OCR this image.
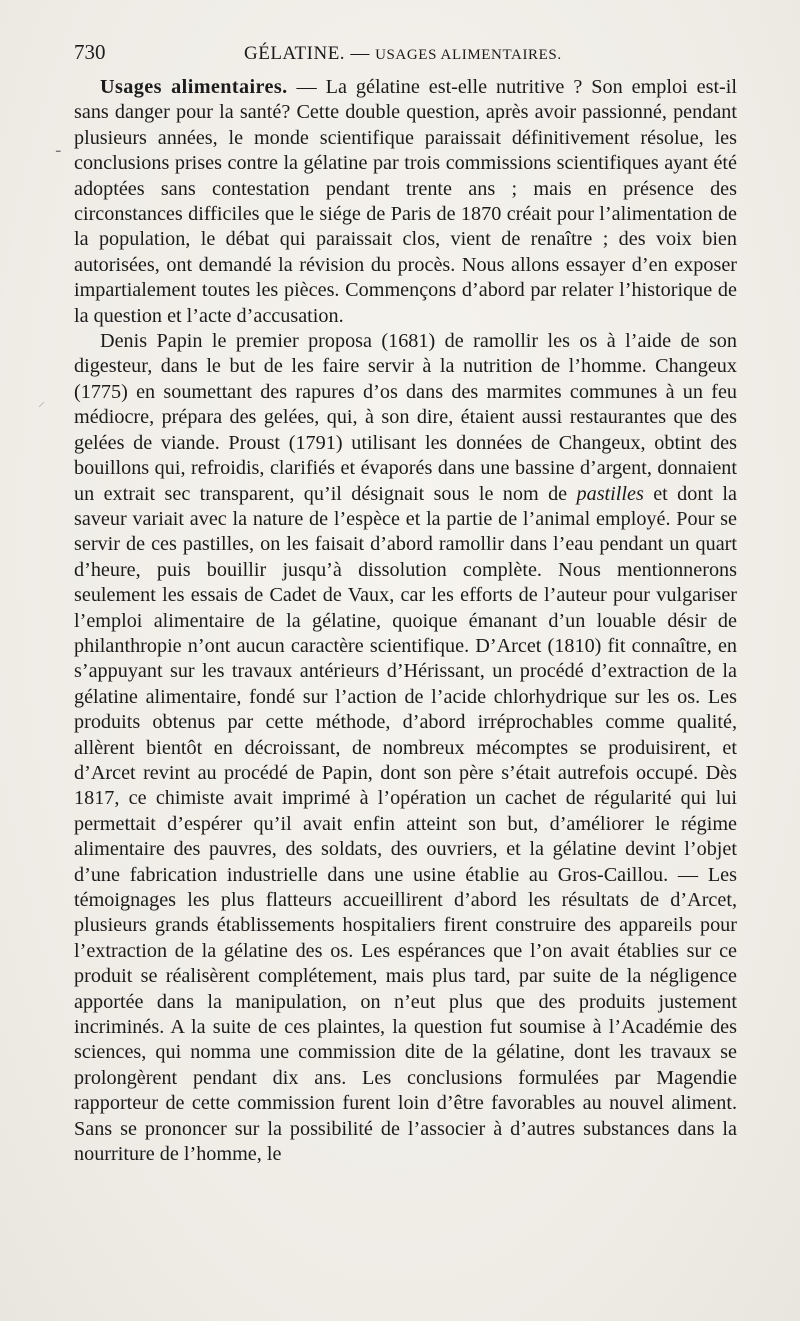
730	GÉLATINE. — USAGES ALIMENTAIRES.

Usages alimentaires. — La gélatine est-elle nutritive ? Son emploi est-il sans danger pour la santé? Cette double question, après avoir passionné, pendant plusieurs années, le monde scientifique paraissait définitivement résolue, les conclusions prises contre la gélatine par trois commissions scientifiques ayant été adoptées sans contestation pendant trente ans ; mais en présence des circonstances difficiles que le siége de Paris de 1870 créait pour l’alimentation de la population, le débat qui paraissait clos, vient de renaître ; des voix bien autorisées, ont demandé la révision du procès. Nous allons essayer d’en exposer impartialement toutes les pièces. Commençons d’abord par relater l’historique de la question et l’acte d’accusation.

Denis Papin le premier proposa (1681) de ramollir les os à l’aide de son digesteur, dans le but de les faire servir à la nutrition de l’homme. Changeux (1775) en soumettant des rapures d’os dans des marmites communes à un feu médiocre, prépara des gelées, qui, à son dire, étaient aussi restaurantes que des gelées de viande. Proust (1791) utilisant les données de Changeux, obtint des bouillons qui, refroidis, clarifiés et évaporés dans une bassine d’argent, donnaient un extrait sec transparent, qu’il désignait sous le nom de pastilles et dont la saveur variait avec la nature de l’espèce et la partie de l’animal employé. Pour se servir de ces pastilles, on les faisait d’abord ramollir dans l’eau pendant un quart d’heure, puis bouillir jusqu’à dissolution complète. Nous mentionnerons seulement les essais de Cadet de Vaux, car les efforts de l’auteur pour vulgariser l’emploi alimentaire de la gélatine, quoique émanant d’un louable désir de philanthropie n’ont aucun caractère scientifique. D’Arcet (1810) fit connaître, en s’appuyant sur les travaux antérieurs d’Hérissant, un procédé d’extraction de la gélatine alimentaire, fondé sur l’action de l’acide chlorhydrique sur les os. Les produits obtenus par cette méthode, d’abord irréprochables comme qualité, allèrent bientôt en décroissant, de nombreux mécomptes se produisirent, et d’Arcet revint au procédé de Papin, dont son père s’était autrefois occupé. Dès 1817, ce chimiste avait imprimé à l’opération un cachet de régularité qui lui permettait d’espérer qu’il avait enfin atteint son but, d’améliorer le régime alimentaire des pauvres, des soldats, des ouvriers, et la gélatine devint l’objet d’une fabrication industrielle dans une usine établie au Gros-Caillou. — Les témoignages les plus flatteurs accueillirent d’abord les résultats de d’Arcet, plusieurs grands établissements hospitaliers firent construire des appareils pour l’extraction de la gélatine des os. Les espérances que l’on avait établies sur ce produit se réalisèrent complétement, mais plus tard, par suite de la négligence apportée dans la manipulation, on n’eut plus que des produits justement incriminés. A la suite de ces plaintes, la question fut soumise à l’Académie des sciences, qui nomma une commission dite de la gélatine, dont les travaux se prolongèrent pendant dix ans. Les conclusions formulées par Magendie rapporteur de cette commission furent loin d’être favorables au nouvel aliment. Sans se prononcer sur la possibilité de l’associer à d’autres substances dans la nourriture de l’homme, le

-
⸝
